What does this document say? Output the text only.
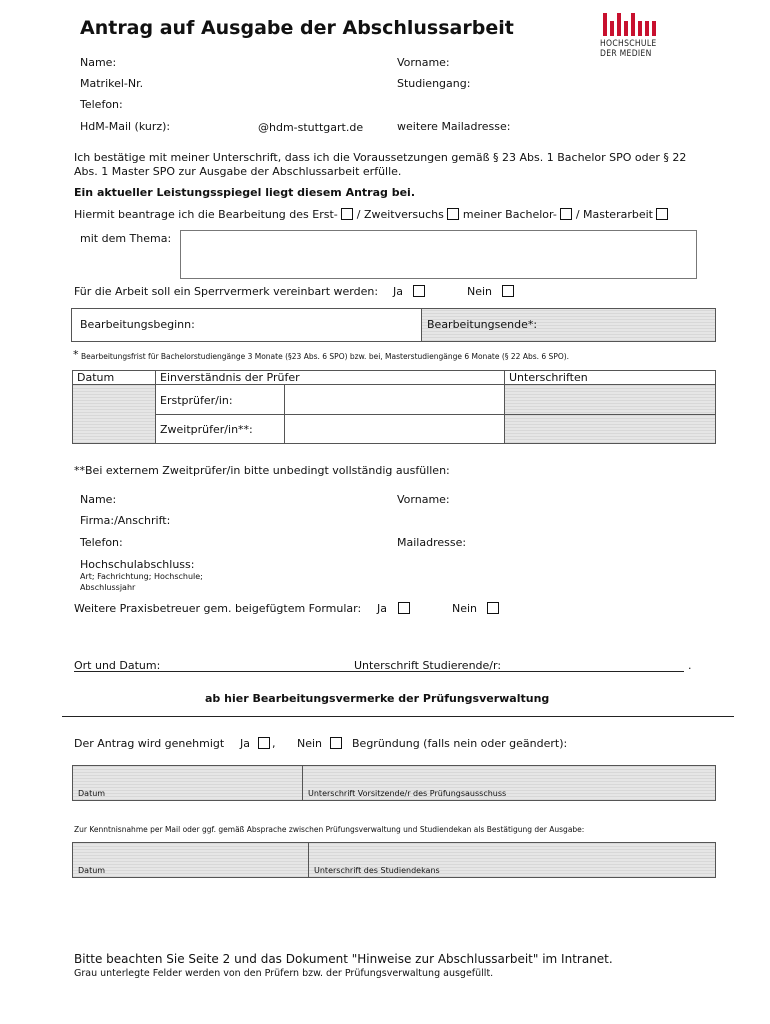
Antrag auf Ausgabe der Abschlussarbeit
HOCHSCHULE
DER MEDIEN
Name:	Vorname:
Matrikel-Nr.	Studiengang:
Telefon:
HdM-Mail (kurz):	@hdm-stuttgart.de	weitere Mailadresse:
Ich bestätige mit meiner Unterschrift, dass ich die Voraussetzungen gemäß § 23 Abs. 1 Bachelor SPO oder § 22
Abs. 1 Master SPO zur Ausgabe der Abschlussarbeit erfülle.
Ein aktueller Leistungsspiegel liegt diesem Antrag bei.
Hiermit beantrage ich die Bearbeitung des Erst- / Zweitversuchs meiner Bachelor- / Masterarbeit
mit dem Thema:
Für die Arbeit soll ein Sperrvermerk vereinbart werden: Ja	Nein
Bearbeitungsbeginn:	Bearbeitungsende*:
* Bearbeitungsfrist für Bachelorstudiengänge 3 Monate (§23 Abs. 6 SPO) bzw. bei, Masterstudiengänge 6 Monate (§ 22 Abs. 6 SPO).
Datum	Einverständnis der Prüfer	Unterschriften
Erstprüfer/in:
Zweitprüfer/in**:
**Bei externem Zweitprüfer/in bitte unbedingt vollständig ausfüllen:
Name:	Vorname:
Firma:/Anschrift:
Telefon:	Mailadresse:
Hochschulabschluss:
Art; Fachrichtung; Hochschule;
Abschlussjahr
Weitere Praxisbetreuer gem. beigefügtem Formular: Ja	Nein
Ort und Datum:	Unterschrift Studierende/r:	.
ab hier Bearbeitungsvermerke der Prüfungsverwaltung
Der Antrag wird genehmigt Ja , Nein	Begründung (falls nein oder geändert):
Datum	Unterschrift Vorsitzende/r des Prüfungsausschuss
Zur Kenntnisnahme per Mail oder ggf. gemäß Absprache zwischen Prüfungsverwaltung und Studiendekan als Bestätigung der Ausgabe:
Datum	Unterschrift des Studiendekans
Bitte beachten Sie Seite 2 und das Dokument "Hinweise zur Abschlussarbeit" im Intranet.
Grau unterlegte Felder werden von den Prüfern bzw. der Prüfungsverwaltung ausgefüllt.
